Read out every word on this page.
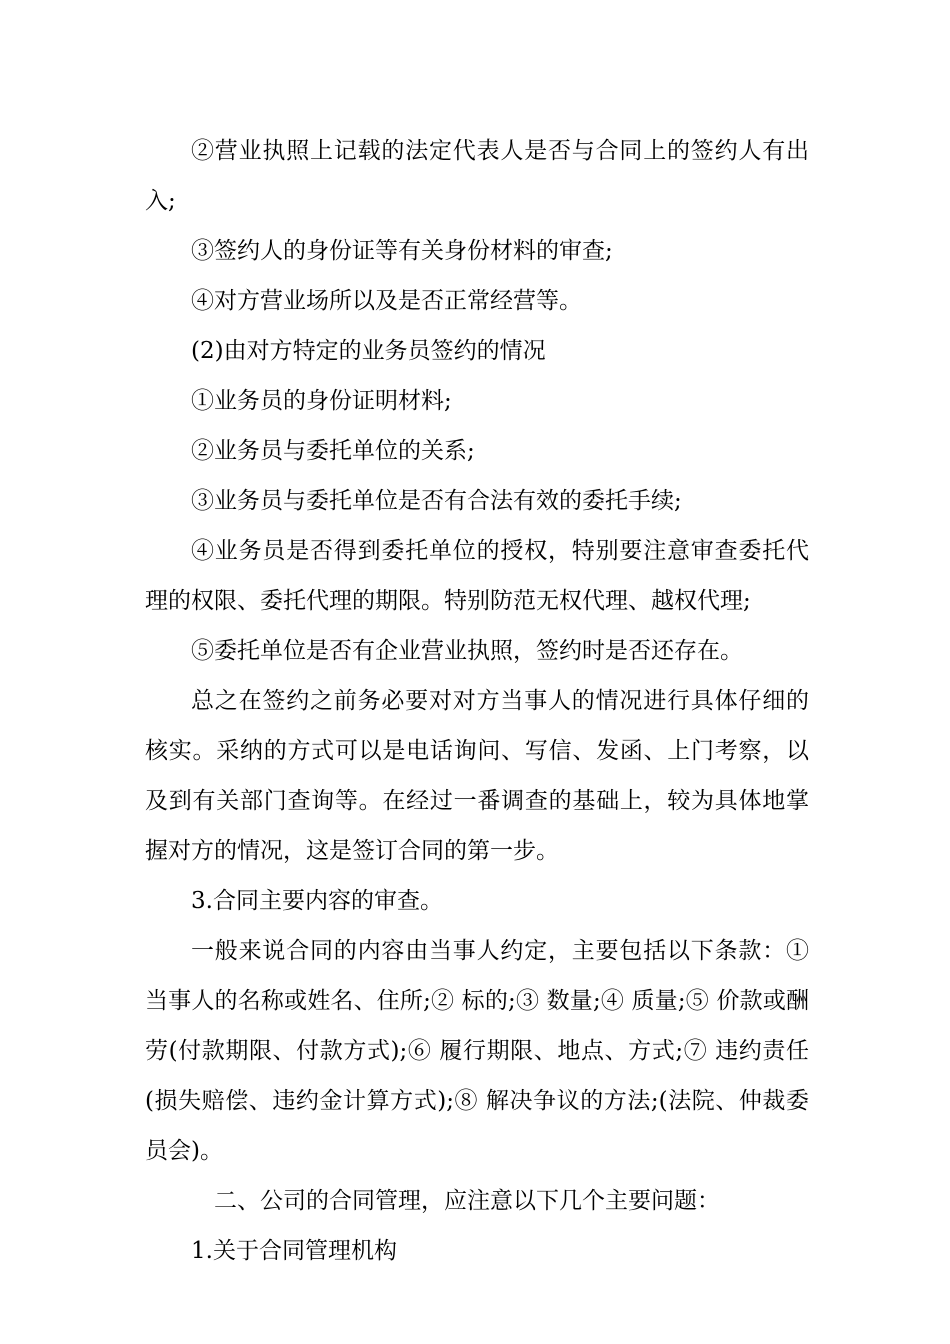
②营业执照上记载的法定代表人是否与合同上的签约人有出入;

③签约人的身份证等有关身份材料的审查;

④对方营业场所以及是否正常经营等。

(2)由对方特定的业务员签约的情况

①业务员的身份证明材料;

②业务员与委托单位的关系;

③业务员与委托单位是否有合法有效的委托手续;

④业务员是否得到委托单位的授权，特别要注意审查委托代理的权限、委托代理的期限。特别防范无权代理、越权代理;

⑤委托单位是否有企业营业执照，签约时是否还存在。

总之在签约之前务必要对对方当事人的情况进行具体仔细的核实。采纳的方式可以是电话询问、写信、发函、上门考察，以及到有关部门查询等。在经过一番调查的基础上，较为具体地掌握对方的情况，这是签订合同的第一步。

3.合同主要内容的审查。

一般来说合同的内容由当事人约定，主要包括以下条款：①当事人的名称或姓名、住所;② 标的;③ 数量;④ 质量;⑤ 价款或酬劳(付款期限、付款方式);⑥ 履行期限、地点、方式;⑦ 违约责任(损失赔偿、违约金计算方式);⑧ 解决争议的方法;(法院、仲裁委员会)。

二、公司的合同管理，应注意以下几个主要问题：

1.关于合同管理机构
